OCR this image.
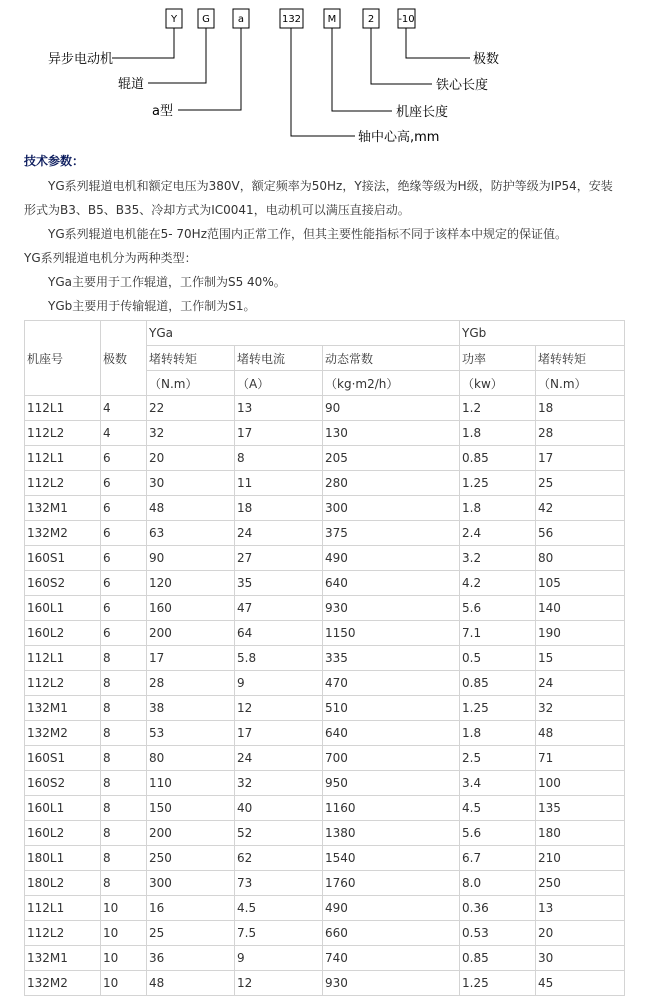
Y	G	a	132	M	2 -10
异步电动机
辊道
a型
轴中心高,mm
机座长度
铁心长度
极数
技术参数：
YG系列辊道电机和额定电压为380V，额定频率为50Hz，Y接法，绝缘等级为H级，防护等级为IP54，安装形式为B3、B5、B35、冷却方式为IC0041，电动机可以满压直接启动。
YG系列辊道电机能在5- 70Hz范围内正常工作，但其主要性能指标不同于该样本中规定的保证值。
YG系列辊道电机分为两种类型：
YGa主要用于工作辊道，工作制为S5 40%。
YGb主要用于传输辊道，工作制为S1。
机座号	极数	YGa			YGb	
		堵转转矩	堵转电流	动态常数	功率	堵转转矩
		（N.m）	（A）	（kg·m2/h）	（kw）	（N.m）
112L1	4	22	13	90	1.2	18
112L2	4	32	17	130	1.8	28
112L1	6	20	8	205	0.85	17
112L2	6	30	11	280	1.25	25
132M1	6	48	18	300	1.8	42
132M2	6	63	24	375	2.4	56
160S1	6	90	27	490	3.2	80
160S2	6	120	35	640	4.2	105
160L1	6	160	47	930	5.6	140
160L2	6	200	64	1150	7.1	190
112L1	8	17	5.8	335	0.5	15
112L2	8	28	9	470	0.85	24
132M1	8	38	12	510	1.25	32
132M2	8	53	17	640	1.8	48
160S1	8	80	24	700	2.5	71
160S2	8	110	32	950	3.4	100
160L1	8	150	40	1160	4.5	135
160L2	8	200	52	1380	5.6	180
180L1	8	250	62	1540	6.7	210
180L2	8	300	73	1760	8.0	250
112L1	10	16	4.5	490	0.36	13
112L2	10	25	7.5	660	0.53	20
132M1	10	36	9	740	0.85	30
132M2	10	48	12	930	1.25	45
